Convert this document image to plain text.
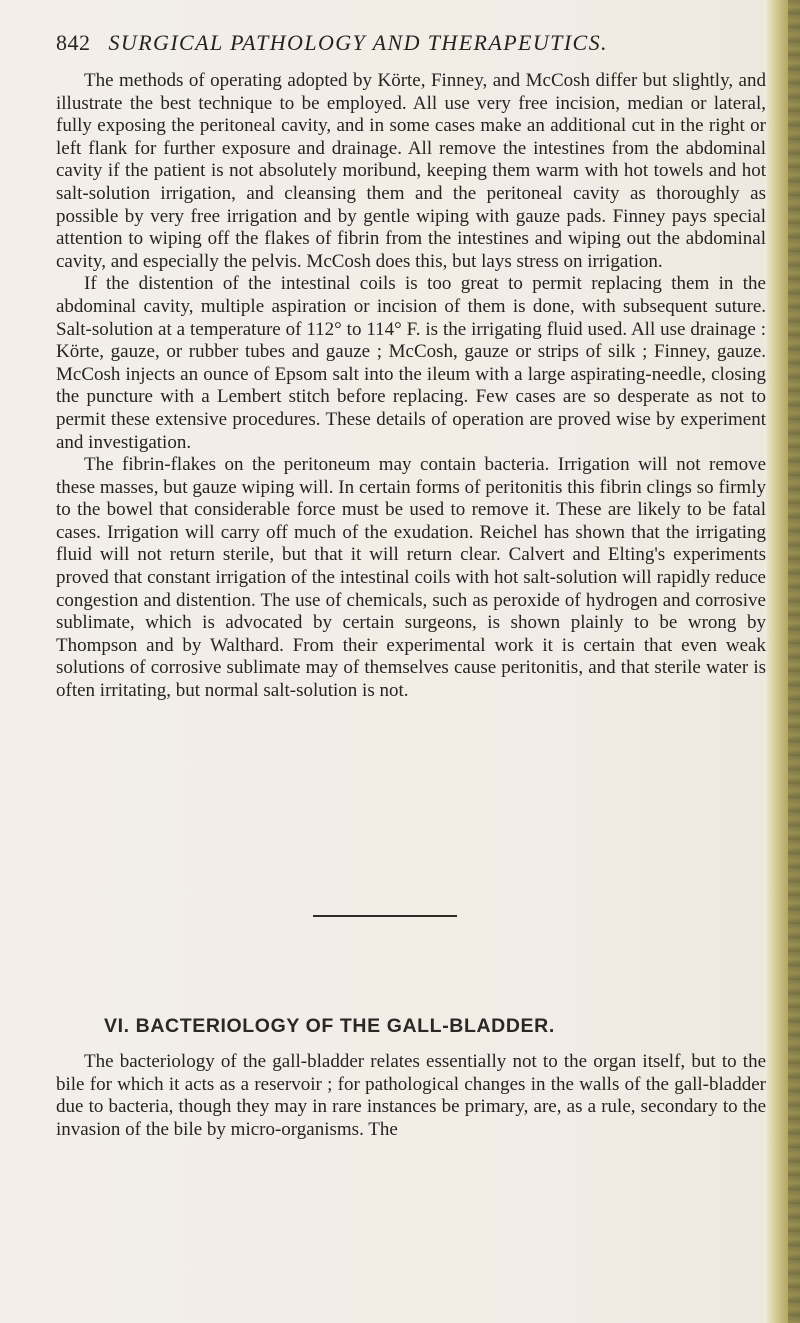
842 SURGICAL PATHOLOGY AND THERAPEUTICS.

The methods of operating adopted by Körte, Finney, and McCosh differ but slightly, and illustrate the best technique to be employed. All use very free incision, median or lateral, fully exposing the peritoneal cavity, and in some cases make an additional cut in the right or left flank for further exposure and drainage. All remove the intestines from the abdominal cavity if the patient is not absolutely moribund, keeping them warm with hot towels and hot salt-solution irrigation, and cleansing them and the peritoneal cavity as thoroughly as possible by very free irrigation and by gentle wiping with gauze pads. Finney pays special attention to wiping off the flakes of fibrin from the intestines and wiping out the abdominal cavity, and especially the pelvis. McCosh does this, but lays stress on irrigation.

If the distention of the intestinal coils is too great to permit replacing them in the abdominal cavity, multiple aspiration or incision of them is done, with subsequent suture. Salt-solution at a temperature of 112° to 114° F. is the irrigating fluid used. All use drainage : Körte, gauze, or rubber tubes and gauze ; McCosh, gauze or strips of silk ; Finney, gauze. McCosh injects an ounce of Epsom salt into the ileum with a large aspirating-needle, closing the puncture with a Lembert stitch before replacing. Few cases are so desperate as not to permit these extensive procedures. These details of operation are proved wise by experiment and investigation.

The fibrin-flakes on the peritoneum may contain bacteria. Irrigation will not remove these masses, but gauze wiping will. In certain forms of peritonitis this fibrin clings so firmly to the bowel that considerable force must be used to remove it. These are likely to be fatal cases. Irrigation will carry off much of the exudation. Reichel has shown that the irrigating fluid will not return sterile, but that it will return clear. Calvert and Elting's experiments proved that constant irrigation of the intestinal coils with hot salt-solution will rapidly reduce congestion and distention. The use of chemicals, such as peroxide of hydrogen and corrosive sublimate, which is advocated by certain surgeons, is shown plainly to be wrong by Thompson and by Walthard. From their experimental work it is certain that even weak solutions of corrosive sublimate may of themselves cause peritonitis, and that sterile water is often irritating, but normal salt-solution is not.

VI. BACTERIOLOGY OF THE GALL-BLADDER.

The bacteriology of the gall-bladder relates essentially not to the organ itself, but to the bile for which it acts as a reservoir ; for pathological changes in the walls of the gall-bladder due to bacteria, though they may in rare instances be primary, are, as a rule, secondary to the invasion of the bile by micro-organisms. The
